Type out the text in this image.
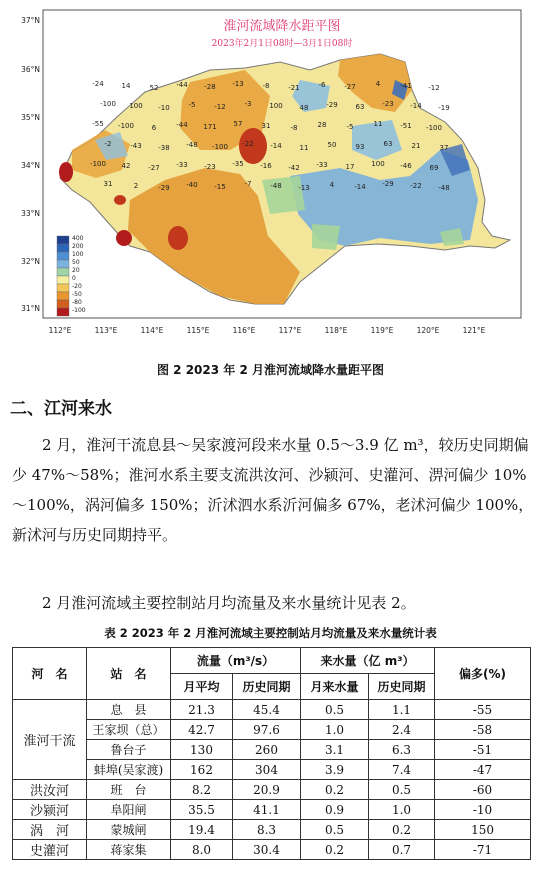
淮河流域降水距平图
2023年2月1日08时—3月1日08时
37°N
36°N
35°N
34°N
33°N
32°N
31°N
112°E	113°E	114°E	115°E	116°E	117°E	118°E	119°E	120°E	121°E
400
200
100
50
20
0
-20
-50
-80
-100
-24	14	52	-44 -28 -13	-8	-21	-6	-27	4	-41 -12
-100 100 -10	-5	-12	-3	100 48	-29	63	-23 -14 -19
-55 -100	6	-44 171 57	31	-8	28	-5	11	-51 -100
-2	-43 -38 -48 -100 -22 -14	11	50	93	63	21	37
-100 42	-27 -33 -23 -35 -16 -42 -33	17 100 -46	69
31	2	-29 -40 -15	-7	-48 -13	4	-14 -29 -22 -48
图 2 2023 年 2 月淮河流域降水量距平图
二、江河来水
2 月，淮河干流息县～吴家渡河段来水量 0.5～3.9 亿 m³，较历史同期偏少 47%～58%；淮河水系主要支流洪汝河、沙颍河、史灌河、淠河偏少 10%～100%，涡河偏多 150%；沂沭泗水系沂河偏多 67%，老沭河偏少 100%，新沭河与历史同期持平。
2 月淮河流域主要控制站月均流量及来水量统计见表 2。
表 2 2023 年 2 月淮河流域主要控制站月均流量及来水量统计表
河　名	站　名	流量（m³/s）		来水量（亿 m³）		偏多(%)
		月平均	历史同期	月来水量	历史同期	
淮河干流	息　县	21.3	45.4	0.5	1.1	-55
	王家坝（总）	42.7	97.6	1.0	2.4	-58
	鲁台子	130	260	3.1	6.3	-51
	蚌埠(吴家渡)	162	304	3.9	7.4	-47
洪汝河	班　台	8.2	20.9	0.2	0.5	-60
沙颍河	阜阳闸	35.5	41.1	0.9	1.0	-10
涡　河	蒙城闸	19.4	8.3	0.5	0.2	150
史灌河	蒋家集	8.0	30.4	0.2	0.7	-71
